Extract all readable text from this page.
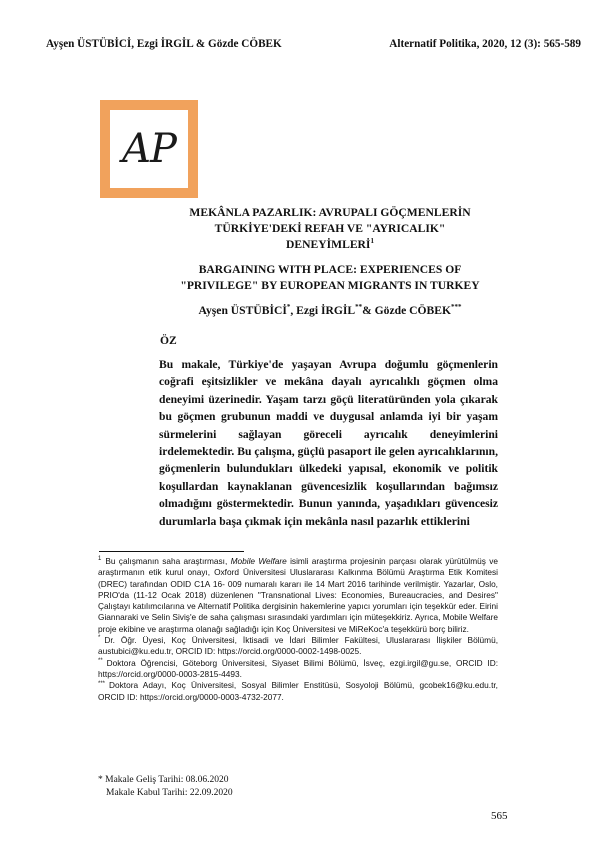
Ayşen ÜSTÜBİCİ, Ezgi İRGİL & Gözde CÖBEK	Alternatif Politika, 2020, 12 (3): 565-589
AP
MEKÂNLA PAZARLIK: AVRUPALI GÖÇMENLERİN
TÜRKİYE'DEKİ REFAH VE "AYRICALIK"
DENEYİMLERİ$^1$
BARGAINING WITH PLACE: EXPERIENCES OF
"PRIVILEGE" BY EUROPEAN MIGRANTS IN TURKEY
Ayşen ÜSTÜBİCİ*, Ezgi İRGİL**& Gözde CÖBEK***
ÖZ

Bu makale, Türkiye'de yaşayan Avrupa doğumlu göçmenlerin coğrafi eşitsizlikler ve mekâna dayalı ayrıcalıklı göçmen olma deneyimi üzerinedir. Yaşam tarzı göçü literatüründen yola çıkarak bu göçmen grubunun maddi ve duygusal anlamda iyi bir yaşam sürmelerini sağlayan göreceli ayrıcalık deneyimlerini irdelemektedir. Bu çalışma, güçlü pasaport ile gelen ayrıcalıklarının, göçmenlerin bulundukları ülkedeki yapısal, ekonomik ve politik koşullardan kaynaklanan güvencesizlik koşullarından bağımsız olmadığını göstermektedir. Bunun yanında, yaşadıkları güvencesiz durumlarla başa çıkmak için mekânla nasıl pazarlık ettiklerini

$^1$ Bu çalışmanın saha araştırması, Mobile Welfare isimli araştırma projesinin parçası olarak yürütülmüş ve araştırmanın etik kurul onayı, Oxford Üniversitesi Uluslararası Kalkınma Bölümü Araştırma Etik Komitesi (DREC) tarafından ODID C1A 16- 009 numaralı kararı ile 14 Mart 2016 tarihinde verilmiştir. Yazarlar, Oslo, PRIO'da (11-12 Ocak 2018) düzenlenen "Transnational Lives: Economies, Bureaucracies, and Desires" Çalıştayı katılımcılarına ve Alternatif Politika dergisinin hakemlerine yapıcı yorumları için teşekkür eder. Eirini Giannaraki ve Selin Siviş'e de saha çalışması sırasındaki yardımları için müteşekkiriz. Ayrıca, Mobile Welfare proje ekibine ve araştırma olanağı sağladığı için Koç Üniversitesi ve MiReKoc'a teşekkürü borç biliriz.

* Dr. Öğr. Üyesi, Koç Üniversitesi, İktisadi ve İdari Bilimler Fakültesi, Uluslararası İlişkiler Bölümü, austubici@ku.edu.tr, ORCID ID: https://orcid.org/0000-0002-1498-0025.

** Doktora Öğrencisi, Göteborg Üniversitesi, Siyaset Bilimi Bölümü, İsveç, ezgi.irgil@gu.se, ORCID ID: https://orcid.org/0000-0003-2815-4493.

*** Doktora Adayı, Koç Üniversitesi, Sosyal Bilimler Enstitüsü, Sosyoloji Bölümü, gcobek16@ku.edu.tr, ORCID ID: https://orcid.org/0000-0003-4732-2077.

* Makale Geliş Tarihi: 08.06.2020
Makale Kabul Tarihi: 22.09.2020
565
